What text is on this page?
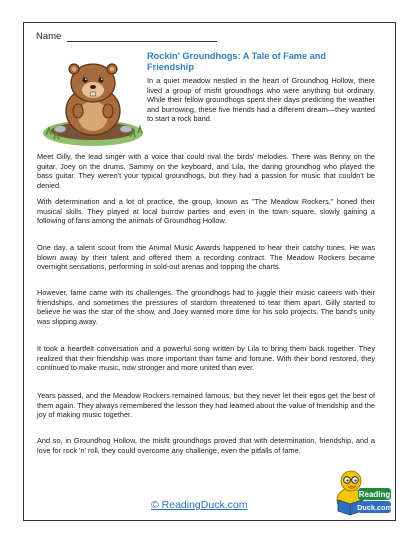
Name
Rockin' Groundhogs: A Tale of Fame and Friendship

In a quiet meadow nestled in the heart of Groundhog Hollow, there lived a group of misfit groundhogs who were anything but ordinary. While their fellow groundhogs spent their days predicting the weather and burrowing, these five friends had a different dream—they wanted to start a rock band.

Meet Gilly, the lead singer with a voice that could rival the birds' melodies. There was Benny on the guitar, Joey on the drums, Sammy on the keyboard, and Lila, the daring groundhog who played the bass guitar. They weren't your typical groundhogs, but they had a passion for music that couldn't be denied.

With determination and a lot of practice, the group, known as "The Meadow Rockers," honed their musical skills. They played at local burrow parties and even in the town square, slowly gaining a following of fans among the animals of Groundhog Hollow.

One day, a talent scout from the Animal Music Awards happened to hear their catchy tunes. He was blown away by their talent and offered them a recording contract. The Meadow Rockers became overnight sensations, performing in sold-out arenas and topping the charts.

However, fame came with its challenges. The groundhogs had to juggle their music careers with their friendships, and sometimes the pressures of stardom threatened to tear them apart. Gilly started to believe he was the star of the show, and Joey wanted more time for his solo projects. The band's unity was slipping away.

It took a heartfelt conversation and a powerful song written by Lila to bring them back together. They realized that their friendship was more important than fame and fortune. With their bond restored, they continued to make music, now stronger and more united than ever.

Years passed, and the Meadow Rockers remained famous, but they never let their egos get the best of them again. They always remembered the lesson they had learned about the value of friendship and the joy of making music together.

And so, in Groundhog Hollow, the misfit groundhogs proved that with determination, friendship, and a love for rock 'n' roll, they could overcome any challenge, even the pitfalls of fame.

© ReadingDuck.com
Reading
Duck.com
